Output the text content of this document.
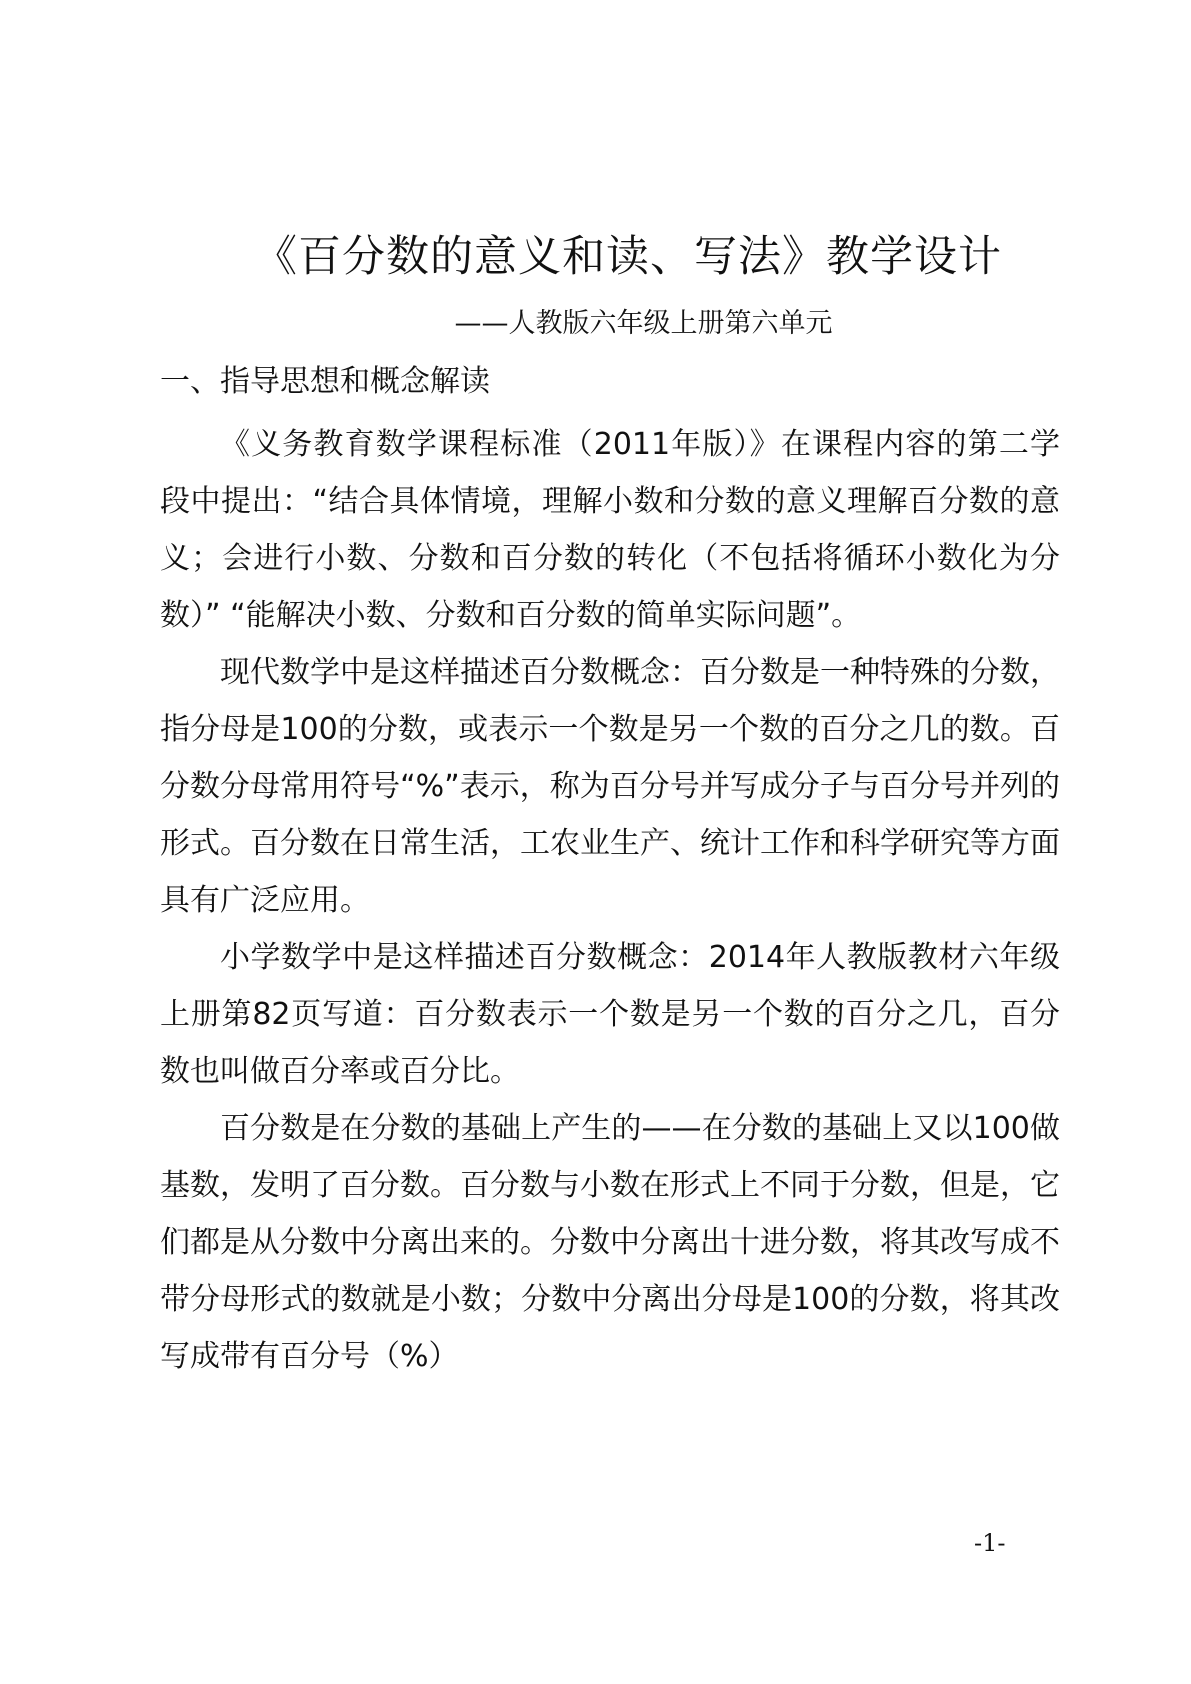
《百分数的意义和读、写法》教学设计

——人教版六年级上册第六单元

一、指导思想和概念解读

《义务教育数学课程标准（2011年版）》在课程内容的第二学段中提出：“结合具体情境，理解小数和分数的意义理解百分数的意义；会进行小数、分数和百分数的转化（不包括将循环小数化为分数）” “能解决小数、分数和百分数的简单实际问题”。

现代数学中是这样描述百分数概念：百分数是一种特殊的分数，指分母是100的分数，或表示一个数是另一个数的百分之几的数。百分数分母常用符号“%”表示，称为百分号并写成分子与百分号并列的形式。百分数在日常生活，工农业生产、统计工作和科学研究等方面具有广泛应用。

小学数学中是这样描述百分数概念：2014年人教版教材六年级上册第82页写道：百分数表示一个数是另一个数的百分之几，百分数也叫做百分率或百分比。

百分数是在分数的基础上产生的——在分数的基础上又以100做基数，发明了百分数。百分数与小数在形式上不同于分数，但是，它们都是从分数中分离出来的。分数中分离出十进分数，将其改写成不带分母形式的数就是小数；分数中分离出分母是100的分数，将其改写成带有百分号（%）

-1-
